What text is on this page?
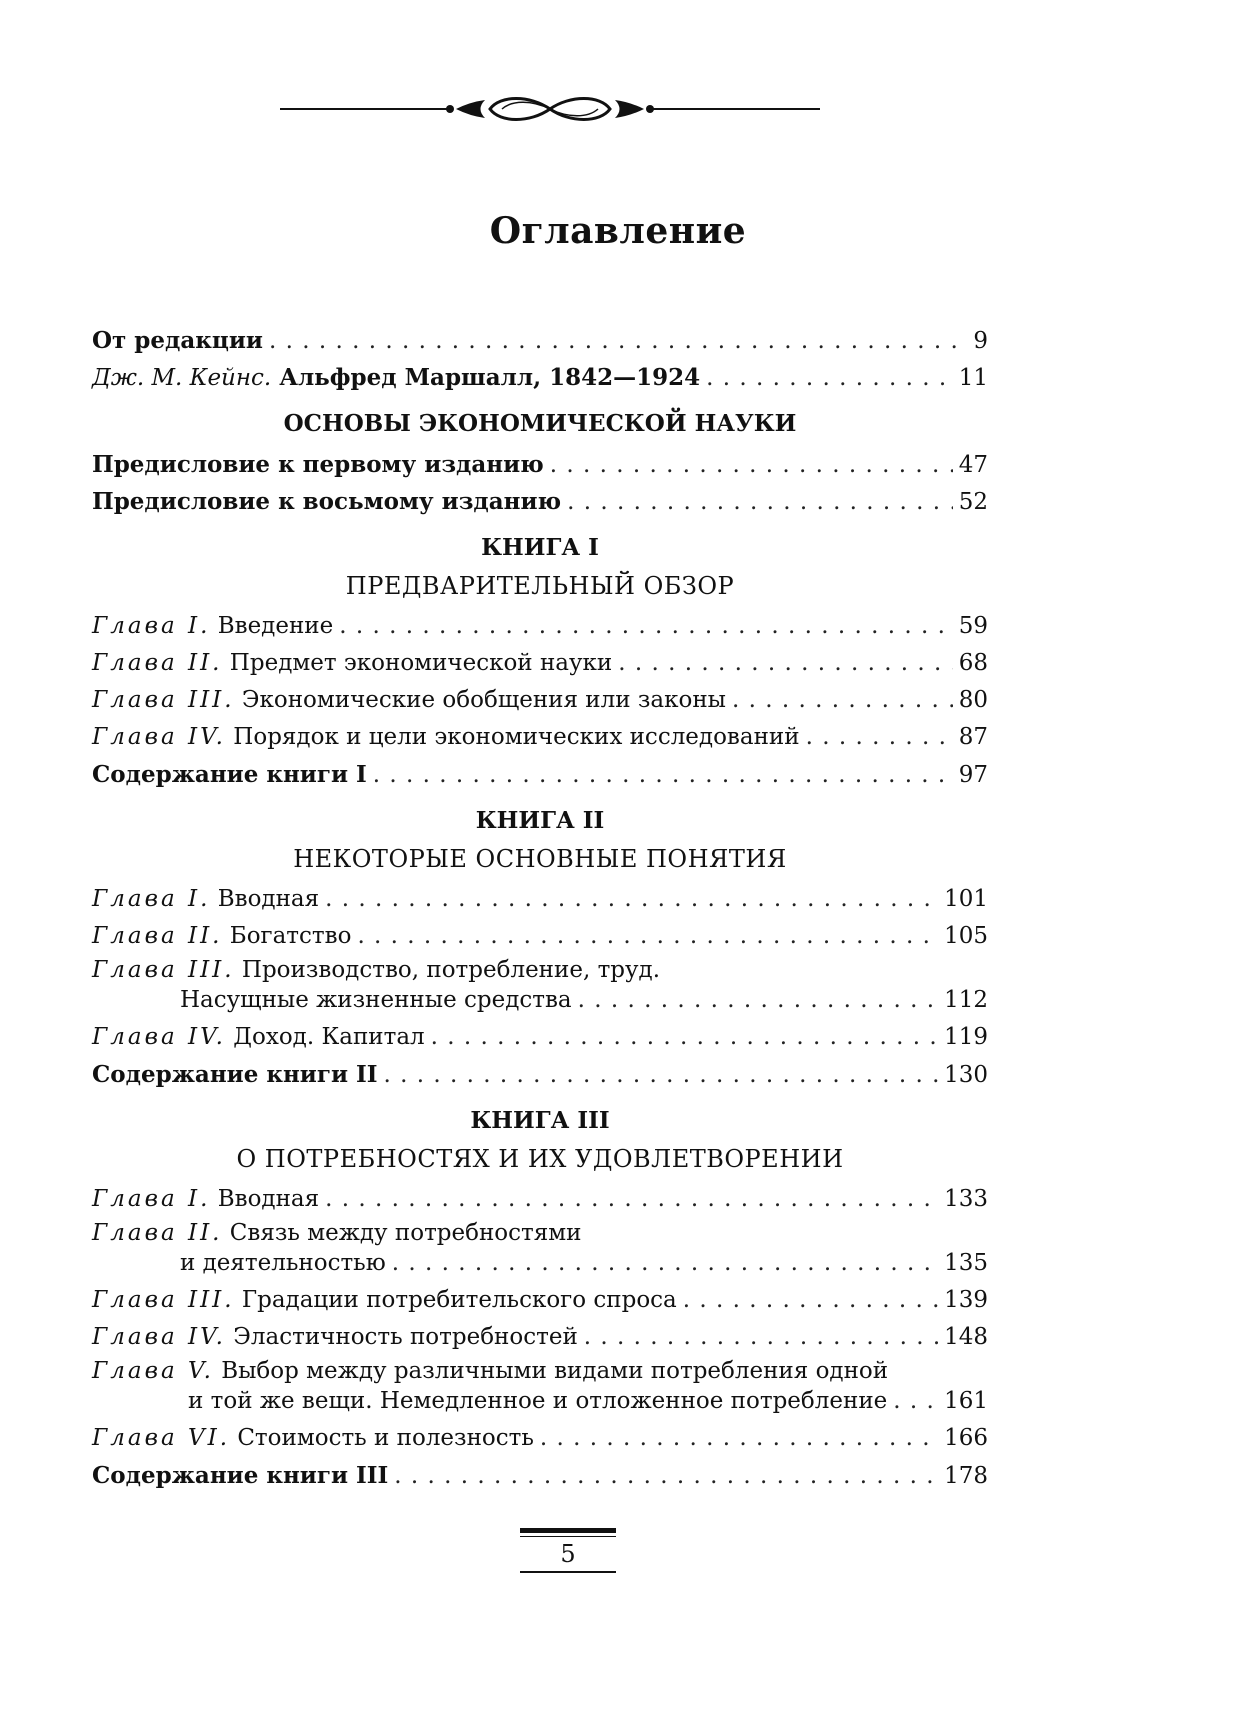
Оглавление
От редакции . . .	9
Дж. М. Кейнс. Альфред Маршалл, 1842—1924 . . .	11
ОСНОВЫ ЭКОНОМИЧЕСКОЙ НАУКИ
Предисловие к первому изданию . . .	47
Предисловие к восьмому изданию . . .	52
КНИГА I
ПРЕДВАРИТЕЛЬНЫЙ ОБЗОР
Глава I. Введение . . .	59
Глава II. Предмет экономической науки . . .	68
Глава III. Экономические обобщения или законы . . .	80
Глава IV. Порядок и цели экономических исследований . . .	87
Содержание книги I . . .	97
КНИГА II
НЕКОТОРЫЕ ОСНОВНЫЕ ПОНЯТИЯ
Глава I. Вводная . . .	101
Глава II. Богатство . . .	105
Глава III. Производство, потребление, труд.
Насущные жизненные средства . . .	112
Глава IV. Доход. Капитал . . .	119
Содержание книги II . . .	130
КНИГА III
О ПОТРЕБНОСТЯХ И ИХ УДОВЛЕТВОРЕНИИ
Глава I. Вводная . . .	133
Глава II. Связь между потребностями
и деятельностью . . .	135
Глава III. Градации потребительского спроса . . .	139
Глава IV. Эластичность потребностей . . .	148
Глава V. Выбор между различными видами потребления одной
и той же вещи. Немедленное и отложенное потребление . . . 161
Глава VI. Стоимость и полезность . . .	166
Содержание книги III . . .	178
5
